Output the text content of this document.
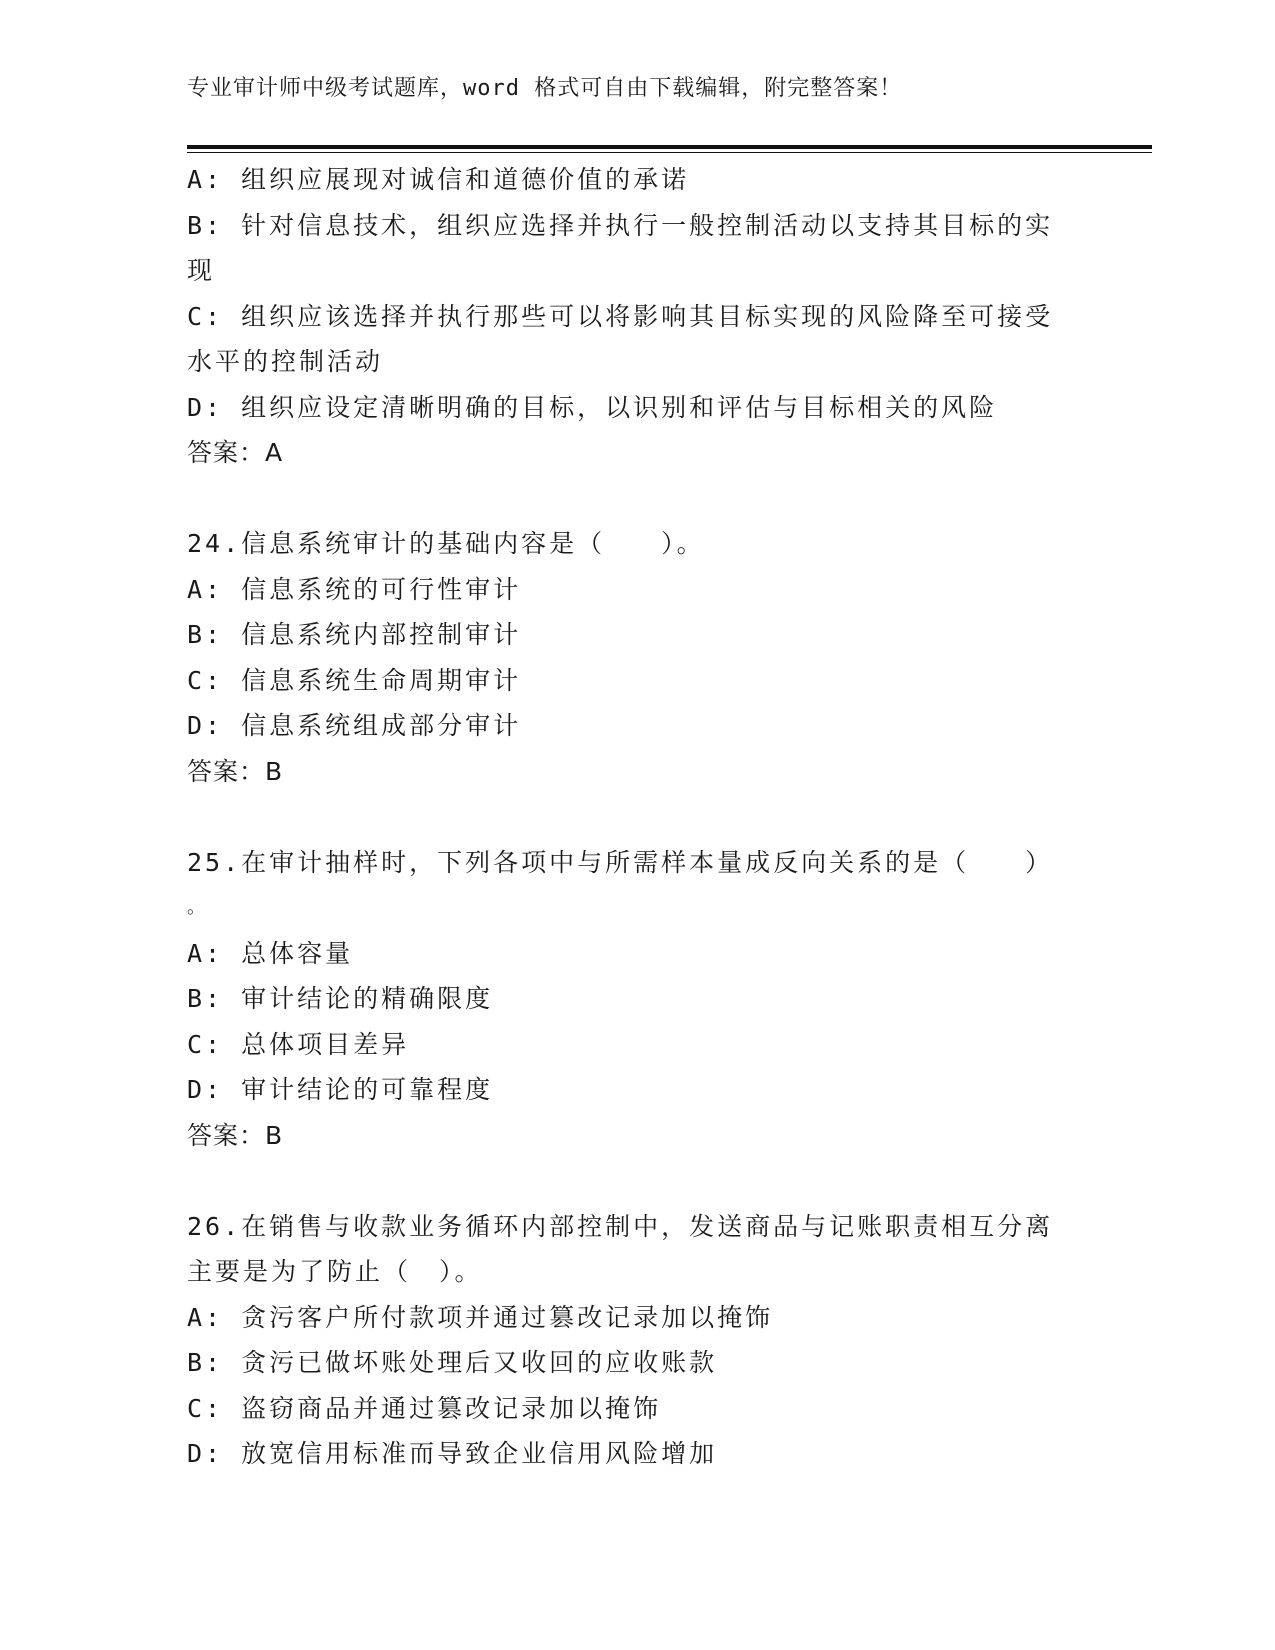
专业审计师中级考试题库，word 格式可自由下载编辑，附完整答案！
A: 组织应展现对诚信和道德价值的承诺
B: 针对信息技术，组织应选择并执行一般控制活动以支持其目标的实
现
C: 组织应该选择并执行那些可以将影响其目标实现的风险降至可接受
水平的控制活动
D: 组织应设定清晰明确的目标，以识别和评估与目标相关的风险
答案：A
24.信息系统审计的基础内容是（　　）。
A: 信息系统的可行性审计
B: 信息系统内部控制审计
C: 信息系统生命周期审计
D: 信息系统组成部分审计
答案：B
25.在审计抽样时，下列各项中与所需样本量成反向关系的是（　　）
。
A: 总体容量
B: 审计结论的精确限度
C: 总体项目差异
D: 审计结论的可靠程度
答案：B
26.在销售与收款业务循环内部控制中，发送商品与记账职责相互分离
主要是为了防止（　）。
A: 贪污客户所付款项并通过篡改记录加以掩饰
B: 贪污已做坏账处理后又收回的应收账款
C: 盗窃商品并通过篡改记录加以掩饰
D: 放宽信用标准而导致企业信用风险增加
